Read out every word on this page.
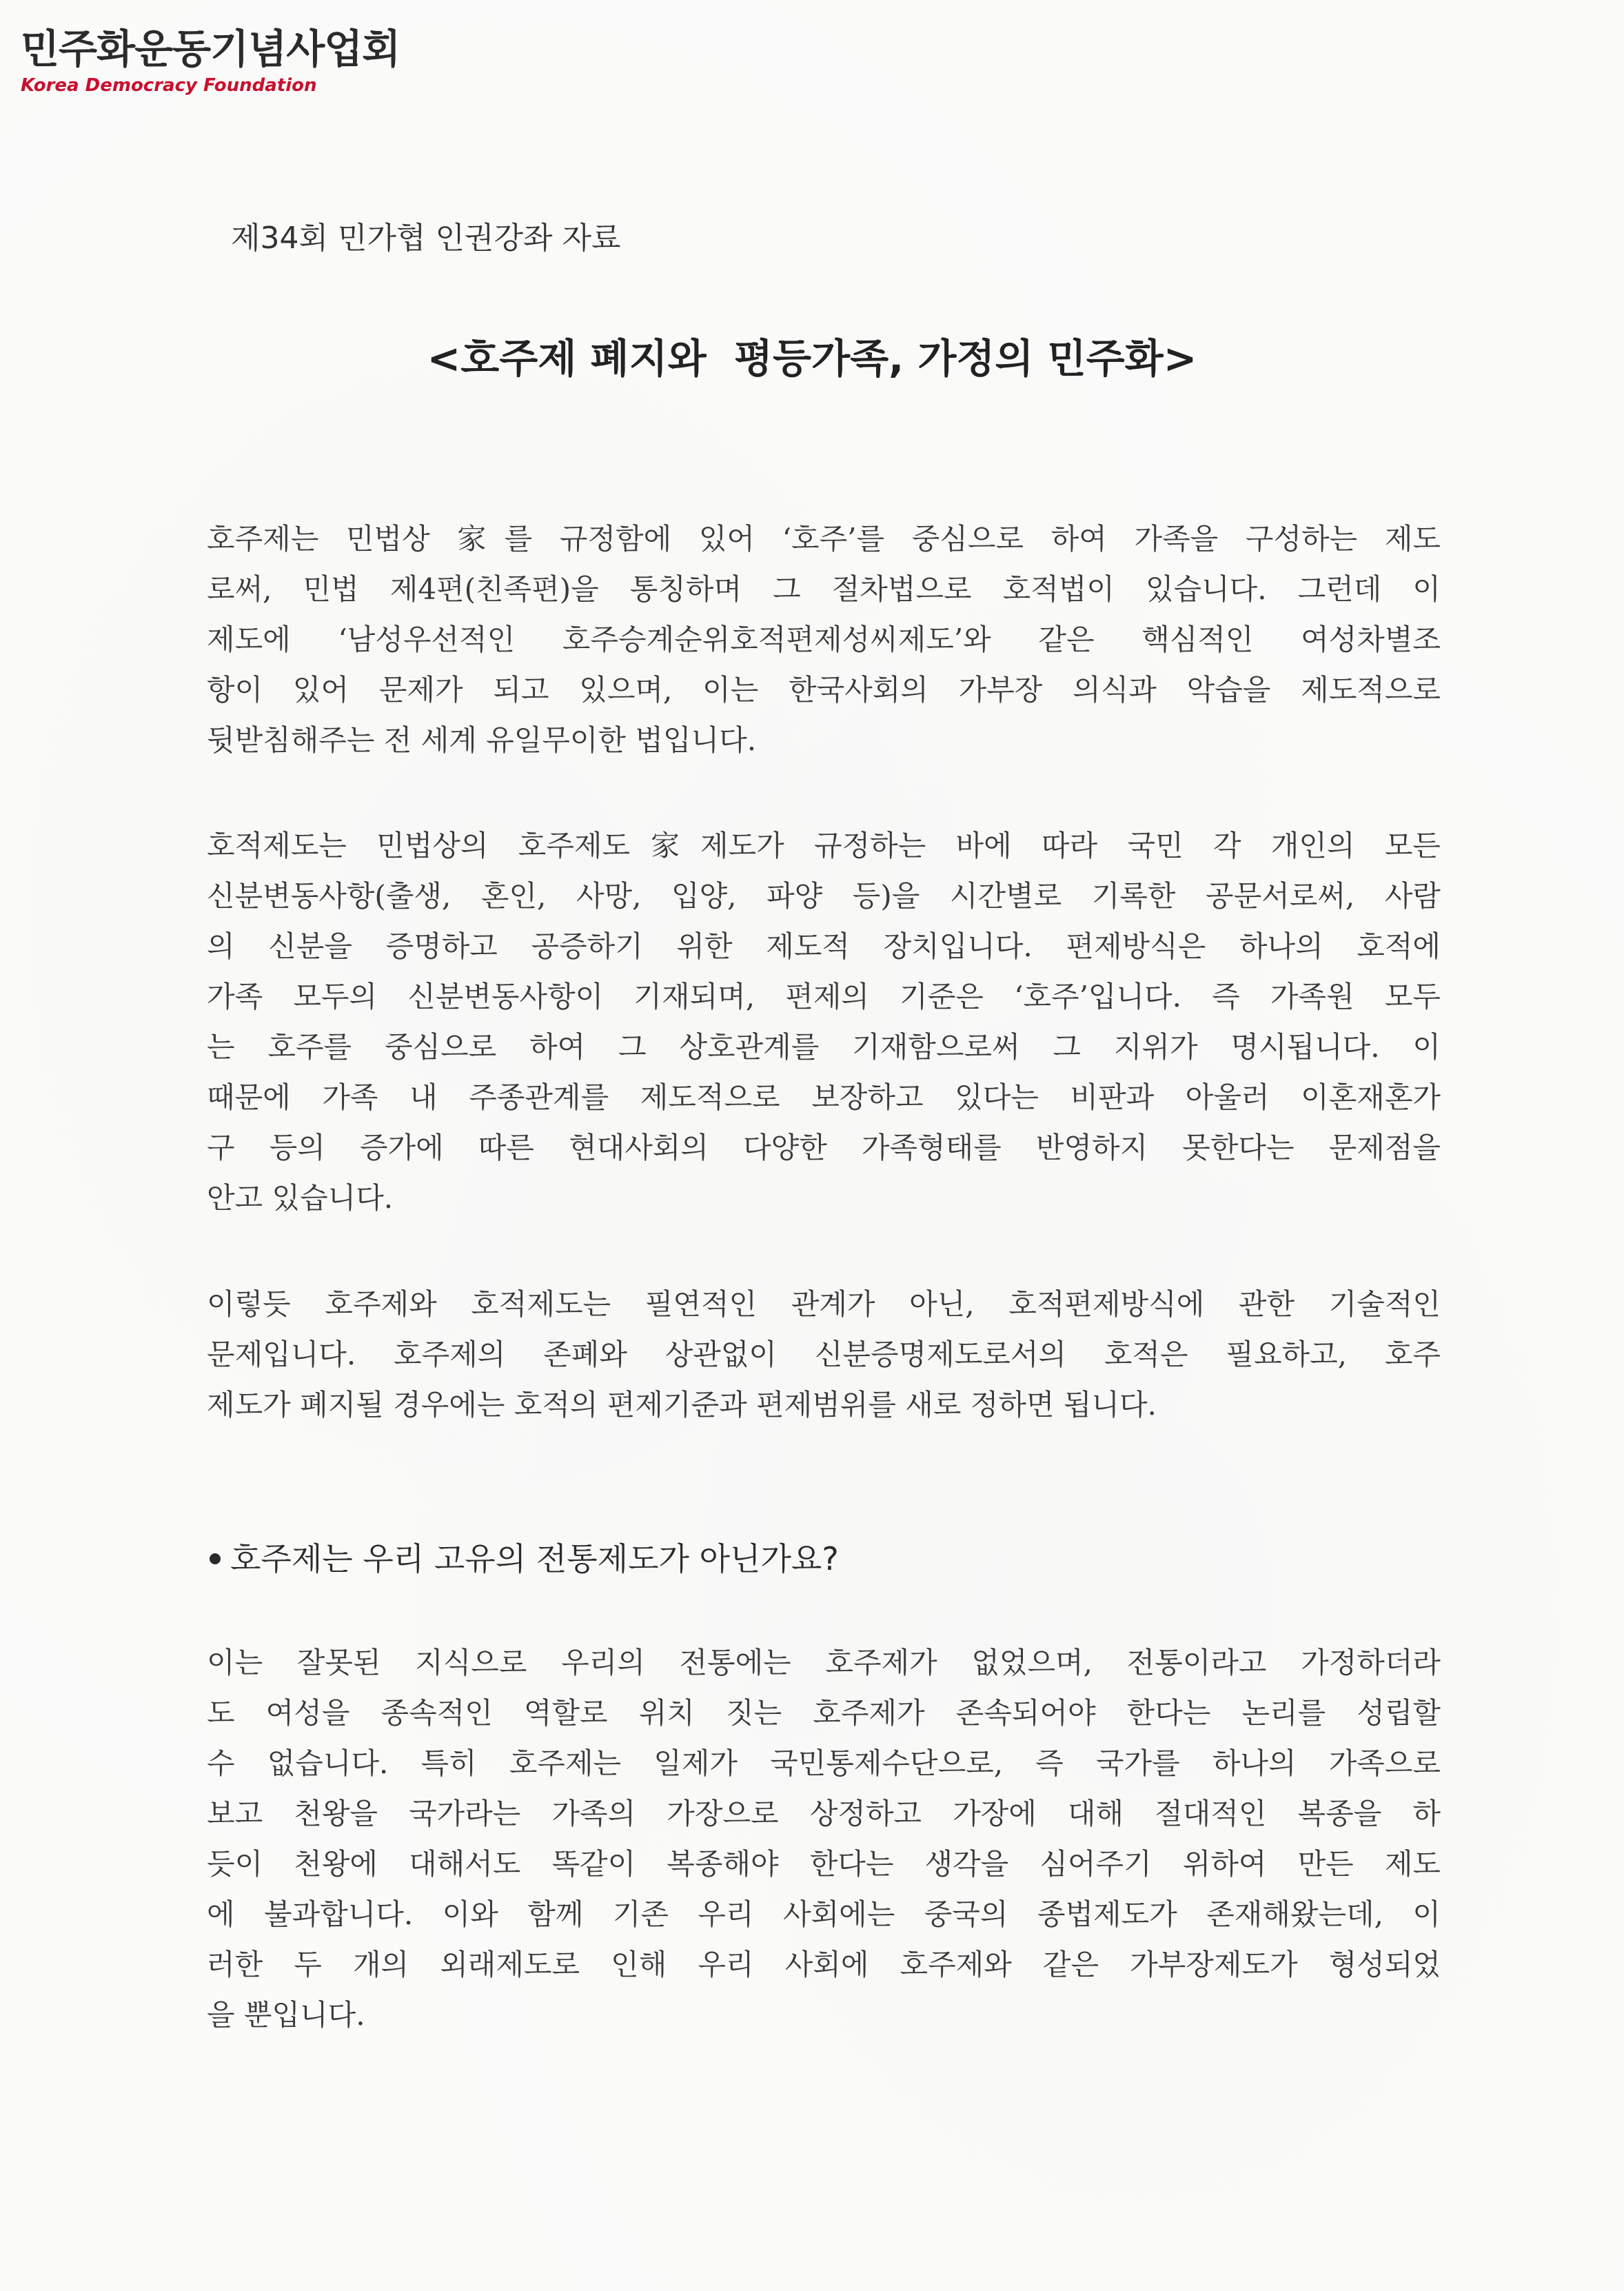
민주화운동기념사업회
Korea Democracy Foundation
제34회 민가협 인권강좌 자료
<호주제 폐지와  평등가족, 가정의 민주화>
호주제는 민법상 家를 규정함에 있어 ‘호주’를 중심으로 하여 가족을 구성하는 제도
로써, 민법 제4편(친족편)을 통칭하며 그 절차법으로 호적법이 있습니다. 그런데 이
제도에 ‘남성우선적인 호주승계순위호적편제성씨제도’와 같은 핵심적인 여성차별조
항이 있어 문제가 되고 있으며, 이는 한국사회의 가부장 의식과 악습을 제도적으로
뒷받침해주는 전 세계 유일무이한 법입니다.
호적제도는 민법상의 호주제도家제도가 규정하는 바에 따라 국민 각 개인의 모든
신분변동사항(출생, 혼인, 사망, 입양, 파양 등)을 시간별로 기록한 공문서로써, 사람
의 신분을 증명하고 공증하기 위한 제도적 장치입니다. 편제방식은 하나의 호적에
가족 모두의 신분변동사항이 기재되며, 편제의 기준은 ‘호주’입니다. 즉 가족원 모두
는 호주를 중심으로 하여 그 상호관계를 기재함으로써 그 지위가 명시됩니다. 이
때문에 가족 내 주종관계를 제도적으로 보장하고 있다는 비판과 아울러 이혼재혼가
구 등의 증가에 따른 현대사회의 다양한 가족형태를 반영하지 못한다는 문제점을
안고 있습니다.
이렇듯 호주제와 호적제도는 필연적인 관계가 아닌, 호적편제방식에 관한 기술적인
문제입니다. 호주제의 존폐와 상관없이 신분증명제도로서의 호적은 필요하고, 호주
제도가 폐지될 경우에는 호적의 편제기준과 편제범위를 새로 정하면 됩니다.
호주제는 우리 고유의 전통제도가 아닌가요?
이는 잘못된 지식으로 우리의 전통에는 호주제가 없었으며, 전통이라고 가정하더라
도 여성을 종속적인 역할로 위치 짓는 호주제가 존속되어야 한다는 논리를 성립할
수 없습니다. 특히 호주제는 일제가 국민통제수단으로, 즉 국가를 하나의 가족으로
보고 천왕을 국가라는 가족의 가장으로 상정하고 가장에 대해 절대적인 복종을 하
듯이 천왕에 대해서도 똑같이 복종해야 한다는 생각을 심어주기 위하여 만든 제도
에 불과합니다. 이와 함께 기존 우리 사회에는 중국의 종법제도가 존재해왔는데, 이
러한 두 개의 외래제도로 인해 우리 사회에 호주제와 같은 가부장제도가 형성되었
을 뿐입니다.
